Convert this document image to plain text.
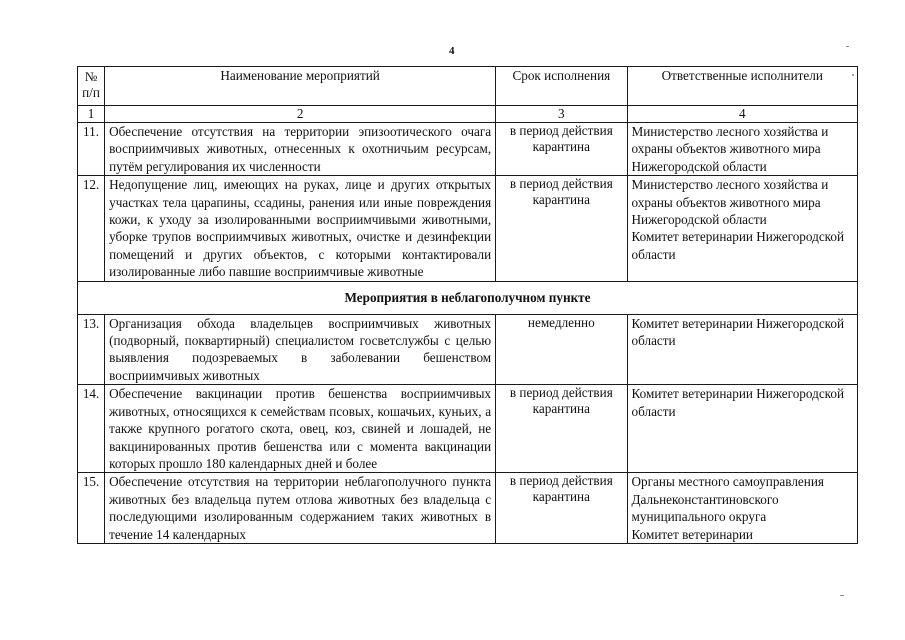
4
№ п/п	Наименование мероприятий	Срок исполнения	Ответственные исполнители
1	2	3	4
11.	Обеспечение отсутствия на территории эпизоотического очага восприимчивых животных, отнесенных к охотничьим ресурсам, путём регулирования их численности	в период действия карантина	Министерство лесного хозяйства и охраны объектов животного мира Нижегородской области

12.	Недопущение лиц, имеющих на руках, лице и других открытых участках тела царапины, ссадины, ранения или иные повреждения кожи, к уходу за изолированными восприимчивыми животными, уборке трупов восприимчивых животных, очистке и дезинфекции помещений и других объектов, с которыми контактировали изолированные либо павшие восприимчивые животные	в период действия карантина	Министерство лесного хозяйства и охраны объектов животного мира Нижегородской области
Комитет ветеринарии Нижегородской области

Мероприятия в неблагополучном пункте			
13.	Организация обхода владельцев восприимчивых животных (подворный, поквартирный) специалистом госветслужбы с целью выявления подозреваемых в заболевании бешенством восприимчивых животных	немедленно	Комитет ветеринарии Нижегородской области

14.	Обеспечение вакцинации против бешенства восприимчивых животных, относящихся к семействам псовых, кошачьих, куньих, а также крупного рогатого скота, овец, коз, свиней и лошадей, не вакцинированных против бешенства или с момента вакцинации которых прошло 180 календарных дней и более	в период действия карантина	Комитет ветеринарии Нижегородской области

15.	Обеспечение отсутствия на территории неблагополучного пункта животных без владельца путем отлова животных без владельца с последующими изолированным содержанием таких животных в течение 14 календарных	в период действия карантина	Органы местного самоуправления Дальнеконстантиновского муниципального округа
Комитет ветеринарии
